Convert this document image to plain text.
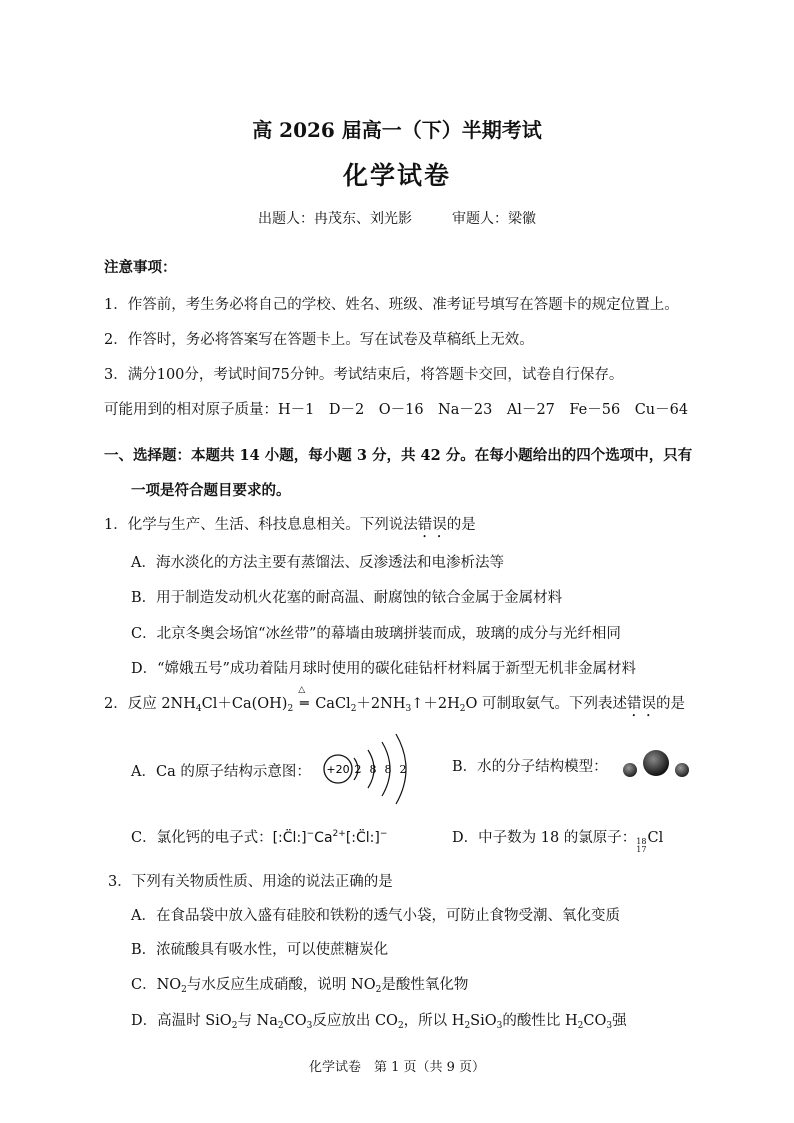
高 2026 届高一（下）半期考试
化学试卷
出题人：冉茂东、刘光影	审题人：梁徽
注意事项：
1．作答前，考生务必将自己的学校、姓名、班级、准考证号填写在答题卡的规定位置上。
2．作答时，务必将答案写在答题卡上。写在试卷及草稿纸上无效。
3．满分100分，考试时间75分钟。考试结束后，将答题卡交回，试卷自行保存。
可能用到的相对原子质量：H－1　D－2　O－16　Na－23　Al－27　Fe－56　Cu－64
一、选择题：本题共 14 小题，每小题 3 分，共 42 分。在每小题给出的四个选项中，只有
一项是符合题目要求的。
1．化学与生产、生活、科技息息相关。下列说法错误的是
A．海水淡化的方法主要有蒸馏法、反渗透法和电渗析法等
B．用于制造发动机火花塞的耐高温、耐腐蚀的铱合金属于金属材料
C．北京冬奥会场馆“冰丝带”的幕墙由玻璃拼装而成，玻璃的成分与光纤相同
D．“嫦娥五号”成功着陆月球时使用的碳化硅钻杆材料属于新型无机非金属材料
2．反应 $2NH_4Cl+Ca(OH)_2$
△
═ $CaCl_2+2NH_3↑+2H_2O$ 可制取氨气。下列表述错误的是
A．Ca 的原子结构示意图： +20 2 8 8 2	B．水的分子结构模型：
C．氯化钙的电子式：$[:C̈l:]^-Ca^{2+}[:C̈l:]^-$	D．中子数为 18 的氯原子： 18
17
Cl
3．下列有关物质性质、用途的说法正确的是
A．在食品袋中放入盛有硅胶和铁粉的透气小袋，可防止食物受潮、氧化变质
B．浓硫酸具有吸水性，可以使蔗糖炭化
C．$NO_2$与水反应生成硝酸，说明 $NO_2$是酸性氧化物
D．高温时 SiO$_2$与 $Na_2CO_3$反应放出 $CO_2$，所以 $H_2SiO_3$的酸性比 $H_2CO_3$强
化学试卷　第 1 页（共 9 页）
